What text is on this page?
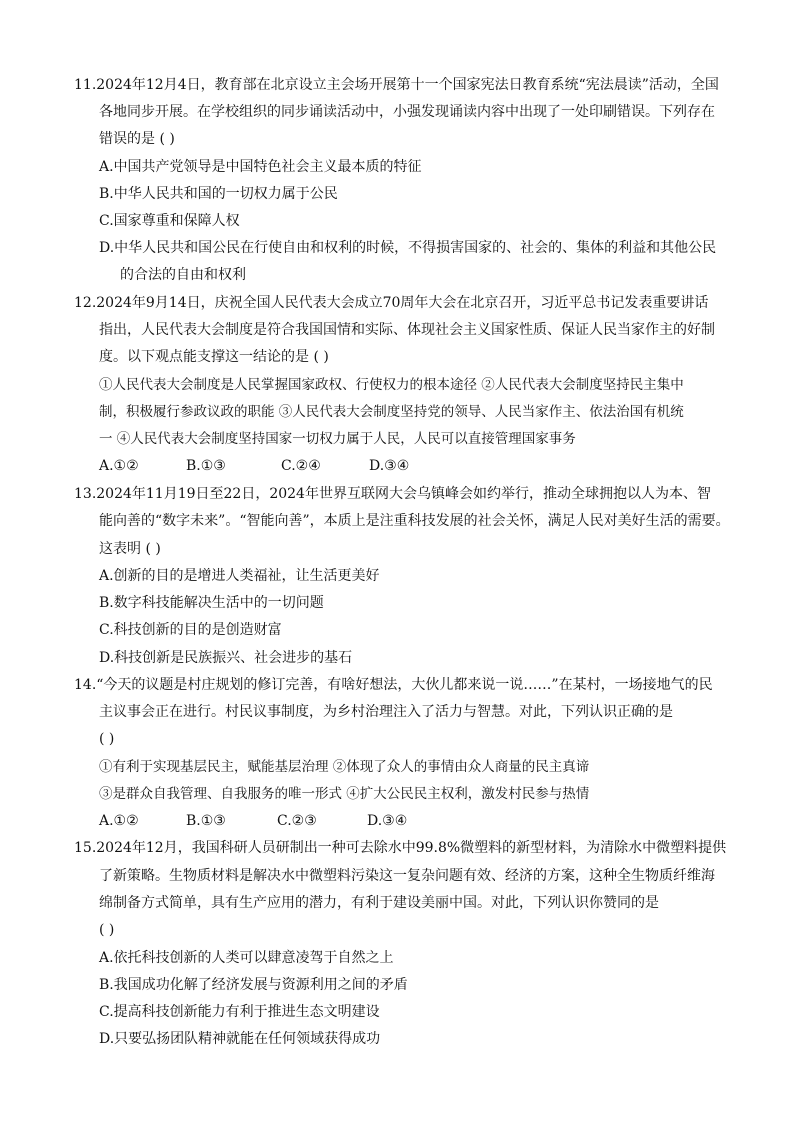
11.2024年12月4日，教育部在北京设立主会场开展第十一个国家宪法日教育系统“宪法晨读”活动，全国
各地同步开展。在学校组织的同步诵读活动中，小强发现诵读内容中出现了一处印刷错误。下列存在
错误的是 ( )
A.中国共产党领导是中国特色社会主义最本质的特征
B.中华人民共和国的一切权力属于公民
C.国家尊重和保障人权
D.中华人民共和国公民在行使自由和权利的时候，不得损害国家的、社会的、集体的利益和其他公民
的合法的自由和权利
12.2024年9月14日，庆祝全国人民代表大会成立70周年大会在北京召开，习近平总书记发表重要讲话
指出，人民代表大会制度是符合我国国情和实际、体现社会主义国家性质、保证人民当家作主的好制
度。以下观点能支撑这一结论的是 ( )
①人民代表大会制度是人民掌握国家政权、行使权力的根本途径 ②人民代表大会制度坚持民主集中
制，积极履行参政议政的职能 ③人民代表大会制度坚持党的领导、人民当家作主、依法治国有机统
一 ④人民代表大会制度坚持国家一切权力属于人民，人民可以直接管理国家事务
A.①②	B.①③	C.②④	D.③④
13.2024年11月19日至22日，2024年世界互联网大会乌镇峰会如约举行，推动全球拥抱以人为本、智
能向善的“数字未来”。“智能向善”，本质上是注重科技发展的社会关怀，满足人民对美好生活的需要。
这表明 ( )
A.创新的目的是增进人类福祉，让生活更美好
B.数字科技能解决生活中的一切问题
C.科技创新的目的是创造财富
D.科技创新是民族振兴、社会进步的基石
14.“今天的议题是村庄规划的修订完善，有啥好想法，大伙儿都来说一说……”在某村，一场接地气的民
主议事会正在进行。村民议事制度，为乡村治理注入了活力与智慧。对此，下列认识正确的是
( )
①有利于实现基层民主，赋能基层治理 ②体现了众人的事情由众人商量的民主真谛
③是群众自我管理、自我服务的唯一形式 ④扩大公民民主权利，激发村民参与热情
A.①②	B.①③	C.②③	D.③④
15.2024年12月，我国科研人员研制出一种可去除水中99.8%微塑料的新型材料，为清除水中微塑料提供
了新策略。生物质材料是解决水中微塑料污染这一复杂问题有效、经济的方案，这种全生物质纤维海
绵制备方式简单，具有生产应用的潜力，有利于建设美丽中国。对此，下列认识你赞同的是
( )
A.依托科技创新的人类可以肆意凌驾于自然之上
B.我国成功化解了经济发展与资源利用之间的矛盾
C.提高科技创新能力有利于推进生态文明建设
D.只要弘扬团队精神就能在任何领域获得成功
